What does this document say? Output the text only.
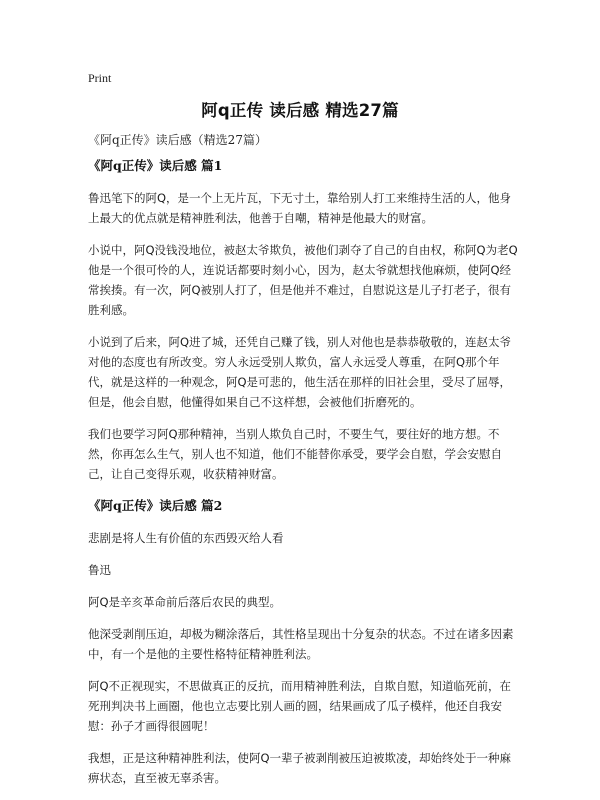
Print
阿q正传 读后感 精选27篇
《阿q正传》读后感（精选27篇）
《阿q正传》读后感 篇1

鲁迅笔下的阿Q，是一个上无片瓦，下无寸土，靠给别人打工来维持生活的人，他身上最大的优点就是精神胜利法，他善于自嘲，精神是他最大的财富。

小说中，阿Q没钱没地位，被赵太爷欺负，被他们剥夺了自己的自由权，称阿Q为老Q他是一个很可怜的人，连说话都要时刻小心，因为，赵太爷就想找他麻烦，使阿Q经常挨揍。有一次，阿Q被别人打了，但是他并不难过，自慰说这是儿子打老子，很有胜利感。

小说到了后来，阿Q进了城，还凭自己赚了钱，别人对他也是恭恭敬敬的，连赵太爷对他的态度也有所改变。穷人永远受别人欺负，富人永远受人尊重，在阿Q那个年代，就是这样的一种观念，阿Q是可悲的，他生活在那样的旧社会里，受尽了屈辱，但是，他会自慰，他懂得如果自己不这样想，会被他们折磨死的。

我们也要学习阿Q那种精神，当别人欺负自己时，不要生气，要往好的地方想。不然，你再怎么生气，别人也不知道，他们不能替你承受，要学会自慰，学会安慰自己，让自己变得乐观，收获精神财富。

《阿q正传》读后感 篇2

悲剧是将人生有价值的东西毁灭给人看

鲁迅

阿Q是辛亥革命前后落后农民的典型。

他深受剥削压迫，却极为糊涂落后，其性格呈现出十分复杂的状态。不过在诸多因素中，有一个是他的主要性格特征精神胜利法。

阿Q不正视现实，不思做真正的反抗，而用精神胜利法，自欺自慰，知道临死前，在死刑判决书上画圈，他也立志要比别人画的圆，结果画成了瓜子模样，他还自我安慰：孙子才画得很圆呢！

我想，正是这种精神胜利法，使阿Q一辈子被剥削被压迫被欺凌，却始终处于一种麻痹状态，直至被无辜杀害。
